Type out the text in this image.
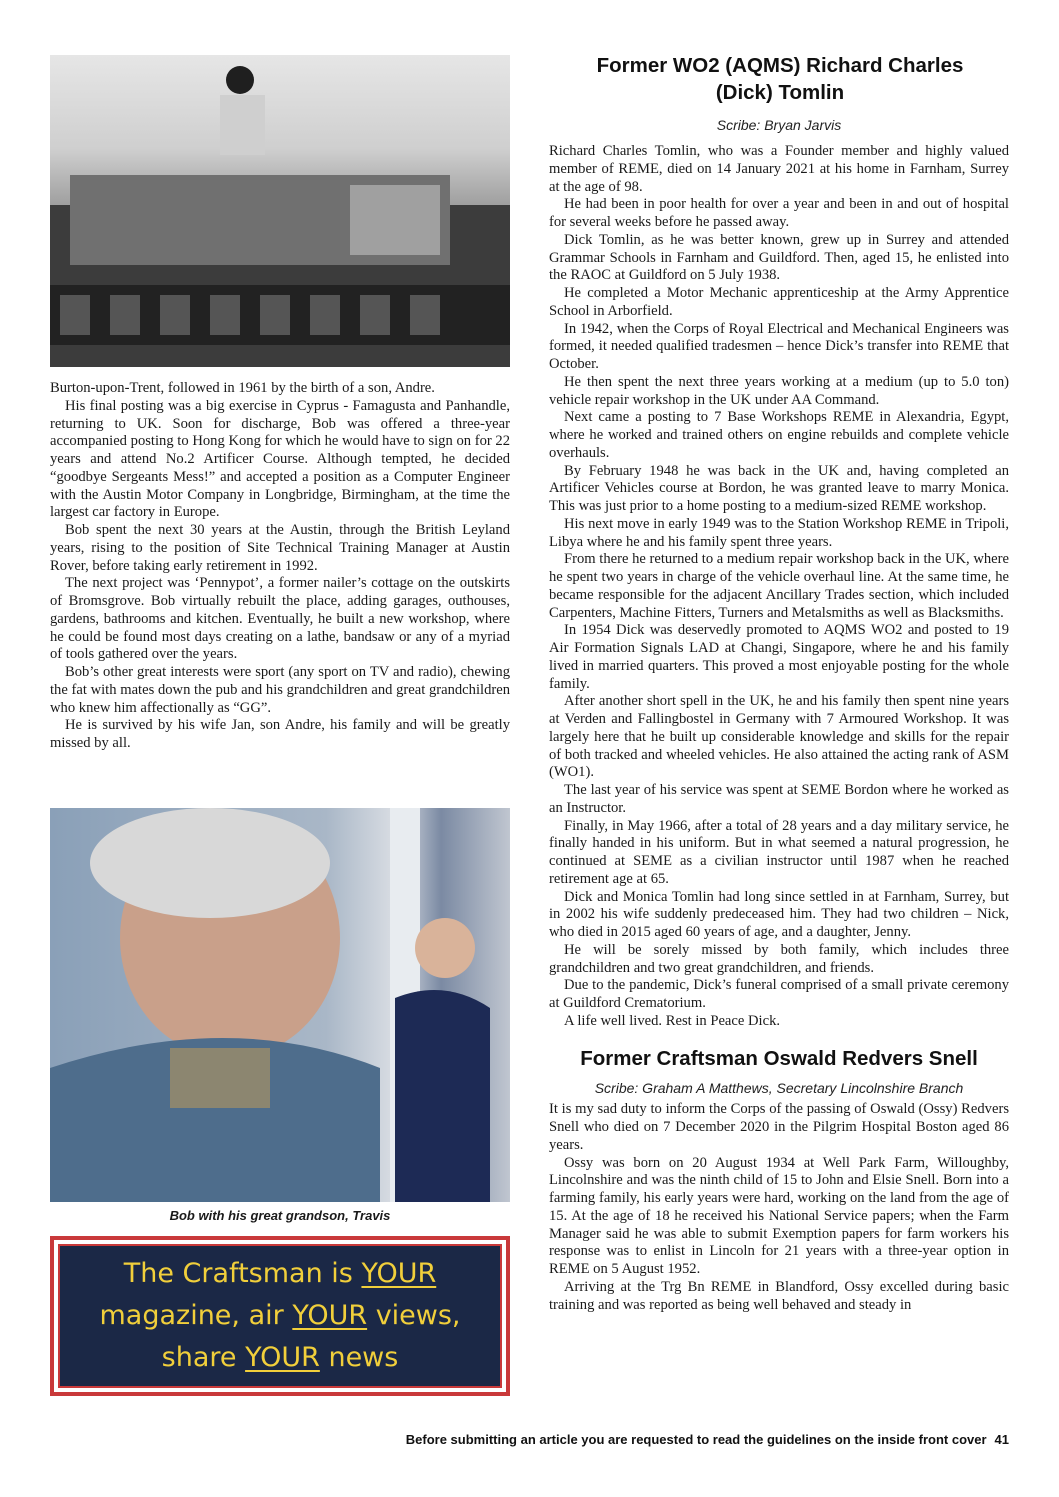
Burton-upon-Trent, followed in 1961 by the birth of a son, Andre.

His final posting was a big exercise in Cyprus - Famagusta and Panhandle, returning to UK. Soon for discharge, Bob was offered a three-year accompanied posting to Hong Kong for which he would have to sign on for 22 years and attend No.2 Artificer Course. Although tempted, he decided “goodbye Sergeants Mess!” and accepted a position as a Computer Engineer with the Austin Motor Company in Longbridge, Birmingham, at the time the largest car factory in Europe.

Bob spent the next 30 years at the Austin, through the British Leyland years, rising to the position of Site Technical Training Manager at Austin Rover, before taking early retirement in 1992.

The next project was ‘Pennypot’, a former nailer’s cottage on the outskirts of Bromsgrove. Bob virtually rebuilt the place, adding garages, outhouses, gardens, bathrooms and kitchen. Eventually, he built a new workshop, where he could be found most days creating on a lathe, bandsaw or any of a myriad of tools gathered over the years.

Bob’s other great interests were sport (any sport on TV and radio), chewing the fat with mates down the pub and his grandchildren and great grandchildren who knew him affectionally as “GG”.

He is survived by his wife Jan, son Andre, his family and will be greatly missed by all.

Bob with his great grandson, Travis
The Craftsman is YOUR
magazine, air YOUR views,
share YOUR news
Former WO2 (AQMS) Richard Charles (Dick) Tomlin
Scribe: Bryan Jarvis

Richard Charles Tomlin, who was a Founder member and highly valued member of REME, died on 14 January 2021 at his home in Farnham, Surrey at the age of 98.

He had been in poor health for over a year and been in and out of hospital for several weeks before he passed away.

Dick Tomlin, as he was better known, grew up in Surrey and attended Grammar Schools in Farnham and Guildford. Then, aged 15, he enlisted into the RAOC at Guildford on 5 July 1938.

He completed a Motor Mechanic apprenticeship at the Army Apprentice School in Arborfield.

In 1942, when the Corps of Royal Electrical and Mechanical Engineers was formed, it needed qualified tradesmen – hence Dick’s transfer into REME that October.

He then spent the next three years working at a medium (up to 5.0 ton) vehicle repair workshop in the UK under AA Command.

Next came a posting to 7 Base Workshops REME in Alexandria, Egypt, where he worked and trained others on engine rebuilds and complete vehicle overhauls.

By February 1948 he was back in the UK and, having completed an Artificer Vehicles course at Bordon, he was granted leave to marry Monica. This was just prior to a home posting to a medium-sized REME workshop.

His next move in early 1949 was to the Station Workshop REME in Tripoli, Libya where he and his family spent three years.

From there he returned to a medium repair workshop back in the UK, where he spent two years in charge of the vehicle overhaul line. At the same time, he became responsible for the adjacent Ancillary Trades section, which included Carpenters, Machine Fitters, Turners and Metalsmiths as well as Blacksmiths.

In 1954 Dick was deservedly promoted to AQMS WO2 and posted to 19 Air Formation Signals LAD at Changi, Singapore, where he and his family lived in married quarters. This proved a most enjoyable posting for the whole family.

After another short spell in the UK, he and his family then spent nine years at Verden and Fallingbostel in Germany with 7 Armoured Workshop. It was largely here that he built up considerable knowledge and skills for the repair of both tracked and wheeled vehicles. He also attained the acting rank of ASM (WO1).

The last year of his service was spent at SEME Bordon where he worked as an Instructor.

Finally, in May 1966, after a total of 28 years and a day military service, he finally handed in his uniform. But in what seemed a natural progression, he continued at SEME as a civilian instructor until 1987 when he reached retirement age at 65.

Dick and Monica Tomlin had long since settled in at Farnham, Surrey, but in 2002 his wife suddenly predeceased him. They had two children – Nick, who died in 2015 aged 60 years of age, and a daughter, Jenny.

He will be sorely missed by both family, which includes three grandchildren and two great grandchildren, and friends.

Due to the pandemic, Dick’s funeral comprised of a small private ceremony at Guildford Crematorium.

A life well lived. Rest in Peace Dick.

Former Craftsman Oswald Redvers Snell
Scribe: Graham A Matthews, Secretary Lincolnshire Branch

It is my sad duty to inform the Corps of the passing of Oswald (Ossy) Redvers Snell who died on 7 December 2020 in the Pilgrim Hospital Boston aged 86 years.

Ossy was born on 20 August 1934 at Well Park Farm, Willoughby, Lincolnshire and was the ninth child of 15 to John and Elsie Snell. Born into a farming family, his early years were hard, working on the land from the age of 15. At the age of 18 he received his National Service papers; when the Farm Manager said he was able to submit Exemption papers for farm workers his response was to enlist in Lincoln for 21 years with a three-year option in REME on 5 August 1952.

Arriving at the Trg Bn REME in Blandford, Ossy excelled during basic training and was reported as being well behaved and steady in

Before submitting an article you are requested to read the guidelines on the inside front cover 41
